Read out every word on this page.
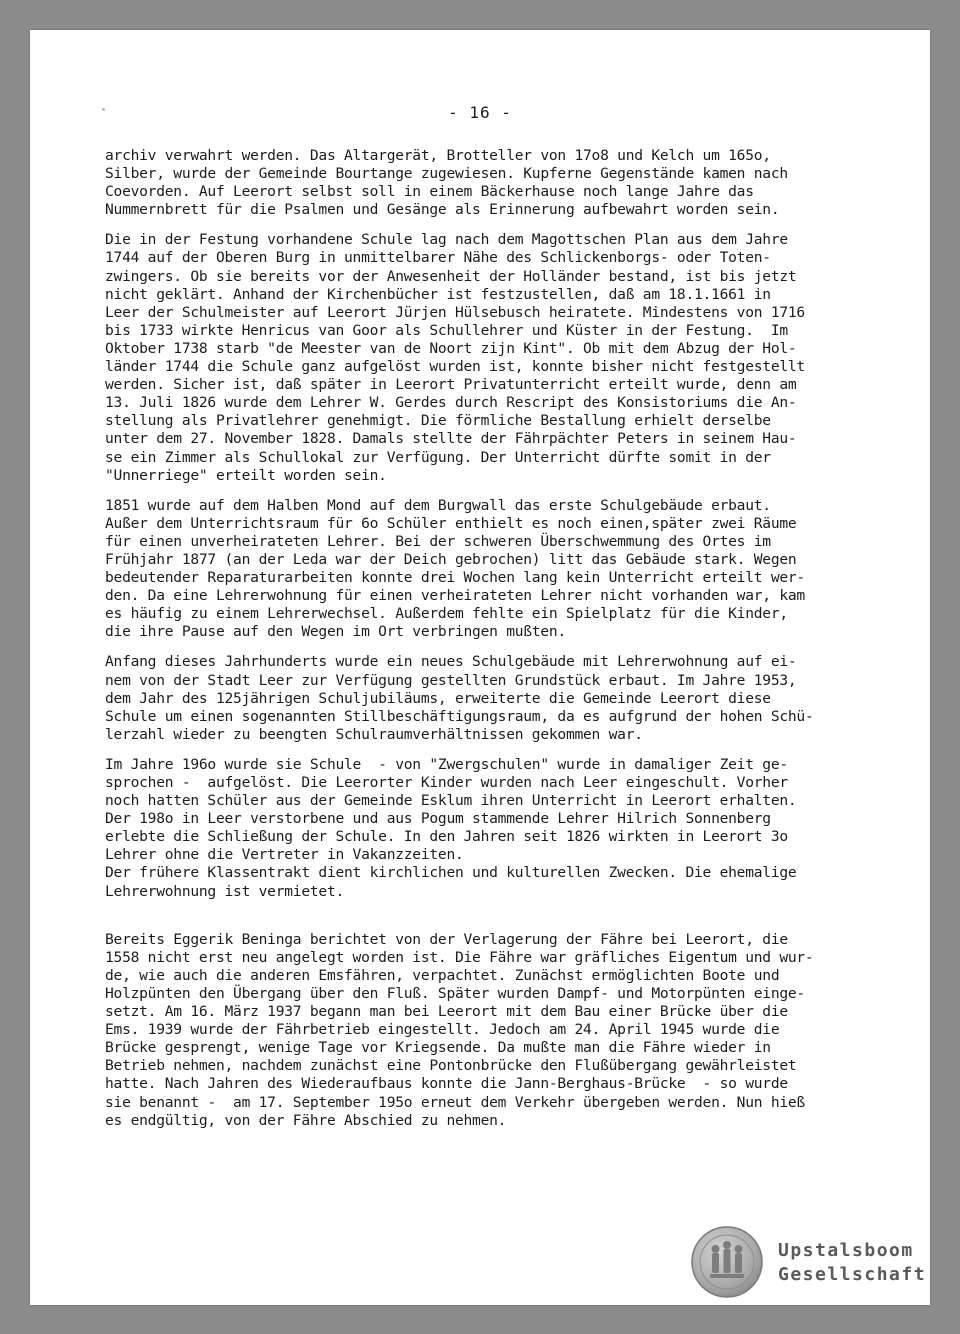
- 16 -
archiv verwahrt werden. Das Altargerät, Brotteller von 17o8 und Kelch um 165o,
Silber, wurde der Gemeinde Bourtange zugewiesen. Kupferne Gegenstände kamen nach
Coevorden. Auf Leerort selbst soll in einem Bäckerhause noch lange Jahre das
Nummernbrett für die Psalmen und Gesänge als Erinnerung aufbewahrt worden sein.
Die in der Festung vorhandene Schule lag nach dem Magottschen Plan aus dem Jahre
1744 auf der Oberen Burg in unmittelbarer Nähe des Schlickenborgs- oder Toten-
zwingers. Ob sie bereits vor der Anwesenheit der Holländer bestand, ist bis jetzt
nicht geklärt. Anhand der Kirchenbücher ist festzustellen, daß am 18.1.1661 in
Leer der Schulmeister auf Leerort Jürjen Hülsebusch heiratete. Mindestens von 1716
bis 1733 wirkte Henricus van Goor als Schullehrer und Küster in der Festung.  Im
Oktober 1738 starb "de Meester van de Noort zijn Kint". Ob mit dem Abzug der Hol-
länder 1744 die Schule ganz aufgelöst wurden ist, konnte bisher nicht festgestellt
werden. Sicher ist, daß später in Leerort Privatunterricht erteilt wurde, denn am
13. Juli 1826 wurde dem Lehrer W. Gerdes durch Rescript des Konsistoriums die An-
stellung als Privatlehrer genehmigt. Die förmliche Bestallung erhielt derselbe
unter dem 27. November 1828. Damals stellte der Fährpächter Peters in seinem Hau-
se ein Zimmer als Schullokal zur Verfügung. Der Unterricht dürfte somit in der
"Unnerriege" erteilt worden sein.
1851 wurde auf dem Halben Mond auf dem Burgwall das erste Schulgebäude erbaut.
Außer dem Unterrichtsraum für 6o Schüler enthielt es noch einen,später zwei Räume
für einen unverheirateten Lehrer. Bei der schweren Überschwemmung des Ortes im
Frühjahr 1877 (an der Leda war der Deich gebrochen) litt das Gebäude stark. Wegen
bedeutender Reparaturarbeiten konnte drei Wochen lang kein Unterricht erteilt wer-
den. Da eine Lehrerwohnung für einen verheirateten Lehrer nicht vorhanden war, kam
es häufig zu einem Lehrerwechsel. Außerdem fehlte ein Spielplatz für die Kinder,
die ihre Pause auf den Wegen im Ort verbringen mußten.
Anfang dieses Jahrhunderts wurde ein neues Schulgebäude mit Lehrerwohnung auf ei-
nem von der Stadt Leer zur Verfügung gestellten Grundstück erbaut. Im Jahre 1953,
dem Jahr des 125jährigen Schuljubiläums, erweiterte die Gemeinde Leerort diese
Schule um einen sogenannten Stillbeschäftigungsraum, da es aufgrund der hohen Schü-
lerzahl wieder zu beengten Schulraumverhältnissen gekommen war.
Im Jahre 196o wurde sie Schule  - von "Zwergschulen" wurde in damaliger Zeit ge-
sprochen -  aufgelöst. Die Leerorter Kinder wurden nach Leer eingeschult. Vorher
noch hatten Schüler aus der Gemeinde Esklum ihren Unterricht in Leerort erhalten.
Der 198o in Leer verstorbene und aus Pogum stammende Lehrer Hilrich Sonnenberg
erlebte die Schließung der Schule. In den Jahren seit 1826 wirkten in Leerort 3o
Lehrer ohne die Vertreter in Vakanzzeiten.
Der frühere Klassentrakt dient kirchlichen und kulturellen Zwecken. Die ehemalige
Lehrerwohnung ist vermietet.
Bereits Eggerik Beninga berichtet von der Verlagerung der Fähre bei Leerort, die
1558 nicht erst neu angelegt worden ist. Die Fähre war gräfliches Eigentum und wur-
de, wie auch die anderen Emsfähren, verpachtet. Zunächst ermöglichten Boote und
Holzpünten den Übergang über den Fluß. Später wurden Dampf- und Motorpünten einge-
setzt. Am 16. März 1937 begann man bei Leerort mit dem Bau einer Brücke über die
Ems. 1939 wurde der Fährbetrieb eingestellt. Jedoch am 24. April 1945 wurde die
Brücke gesprengt, wenige Tage vor Kriegsende. Da mußte man die Fähre wieder in
Betrieb nehmen, nachdem zunächst eine Pontonbrücke den Flußübergang gewährleistet
hatte. Nach Jahren des Wiederaufbaus konnte die Jann-Berghaus-Brücke  - so wurde
sie benannt -  am 17. September 195o erneut dem Verkehr übergeben werden. Nun hieß
es endgültig, von der Fähre Abschied zu nehmen.
Upstalsboom
Gesellschaft
